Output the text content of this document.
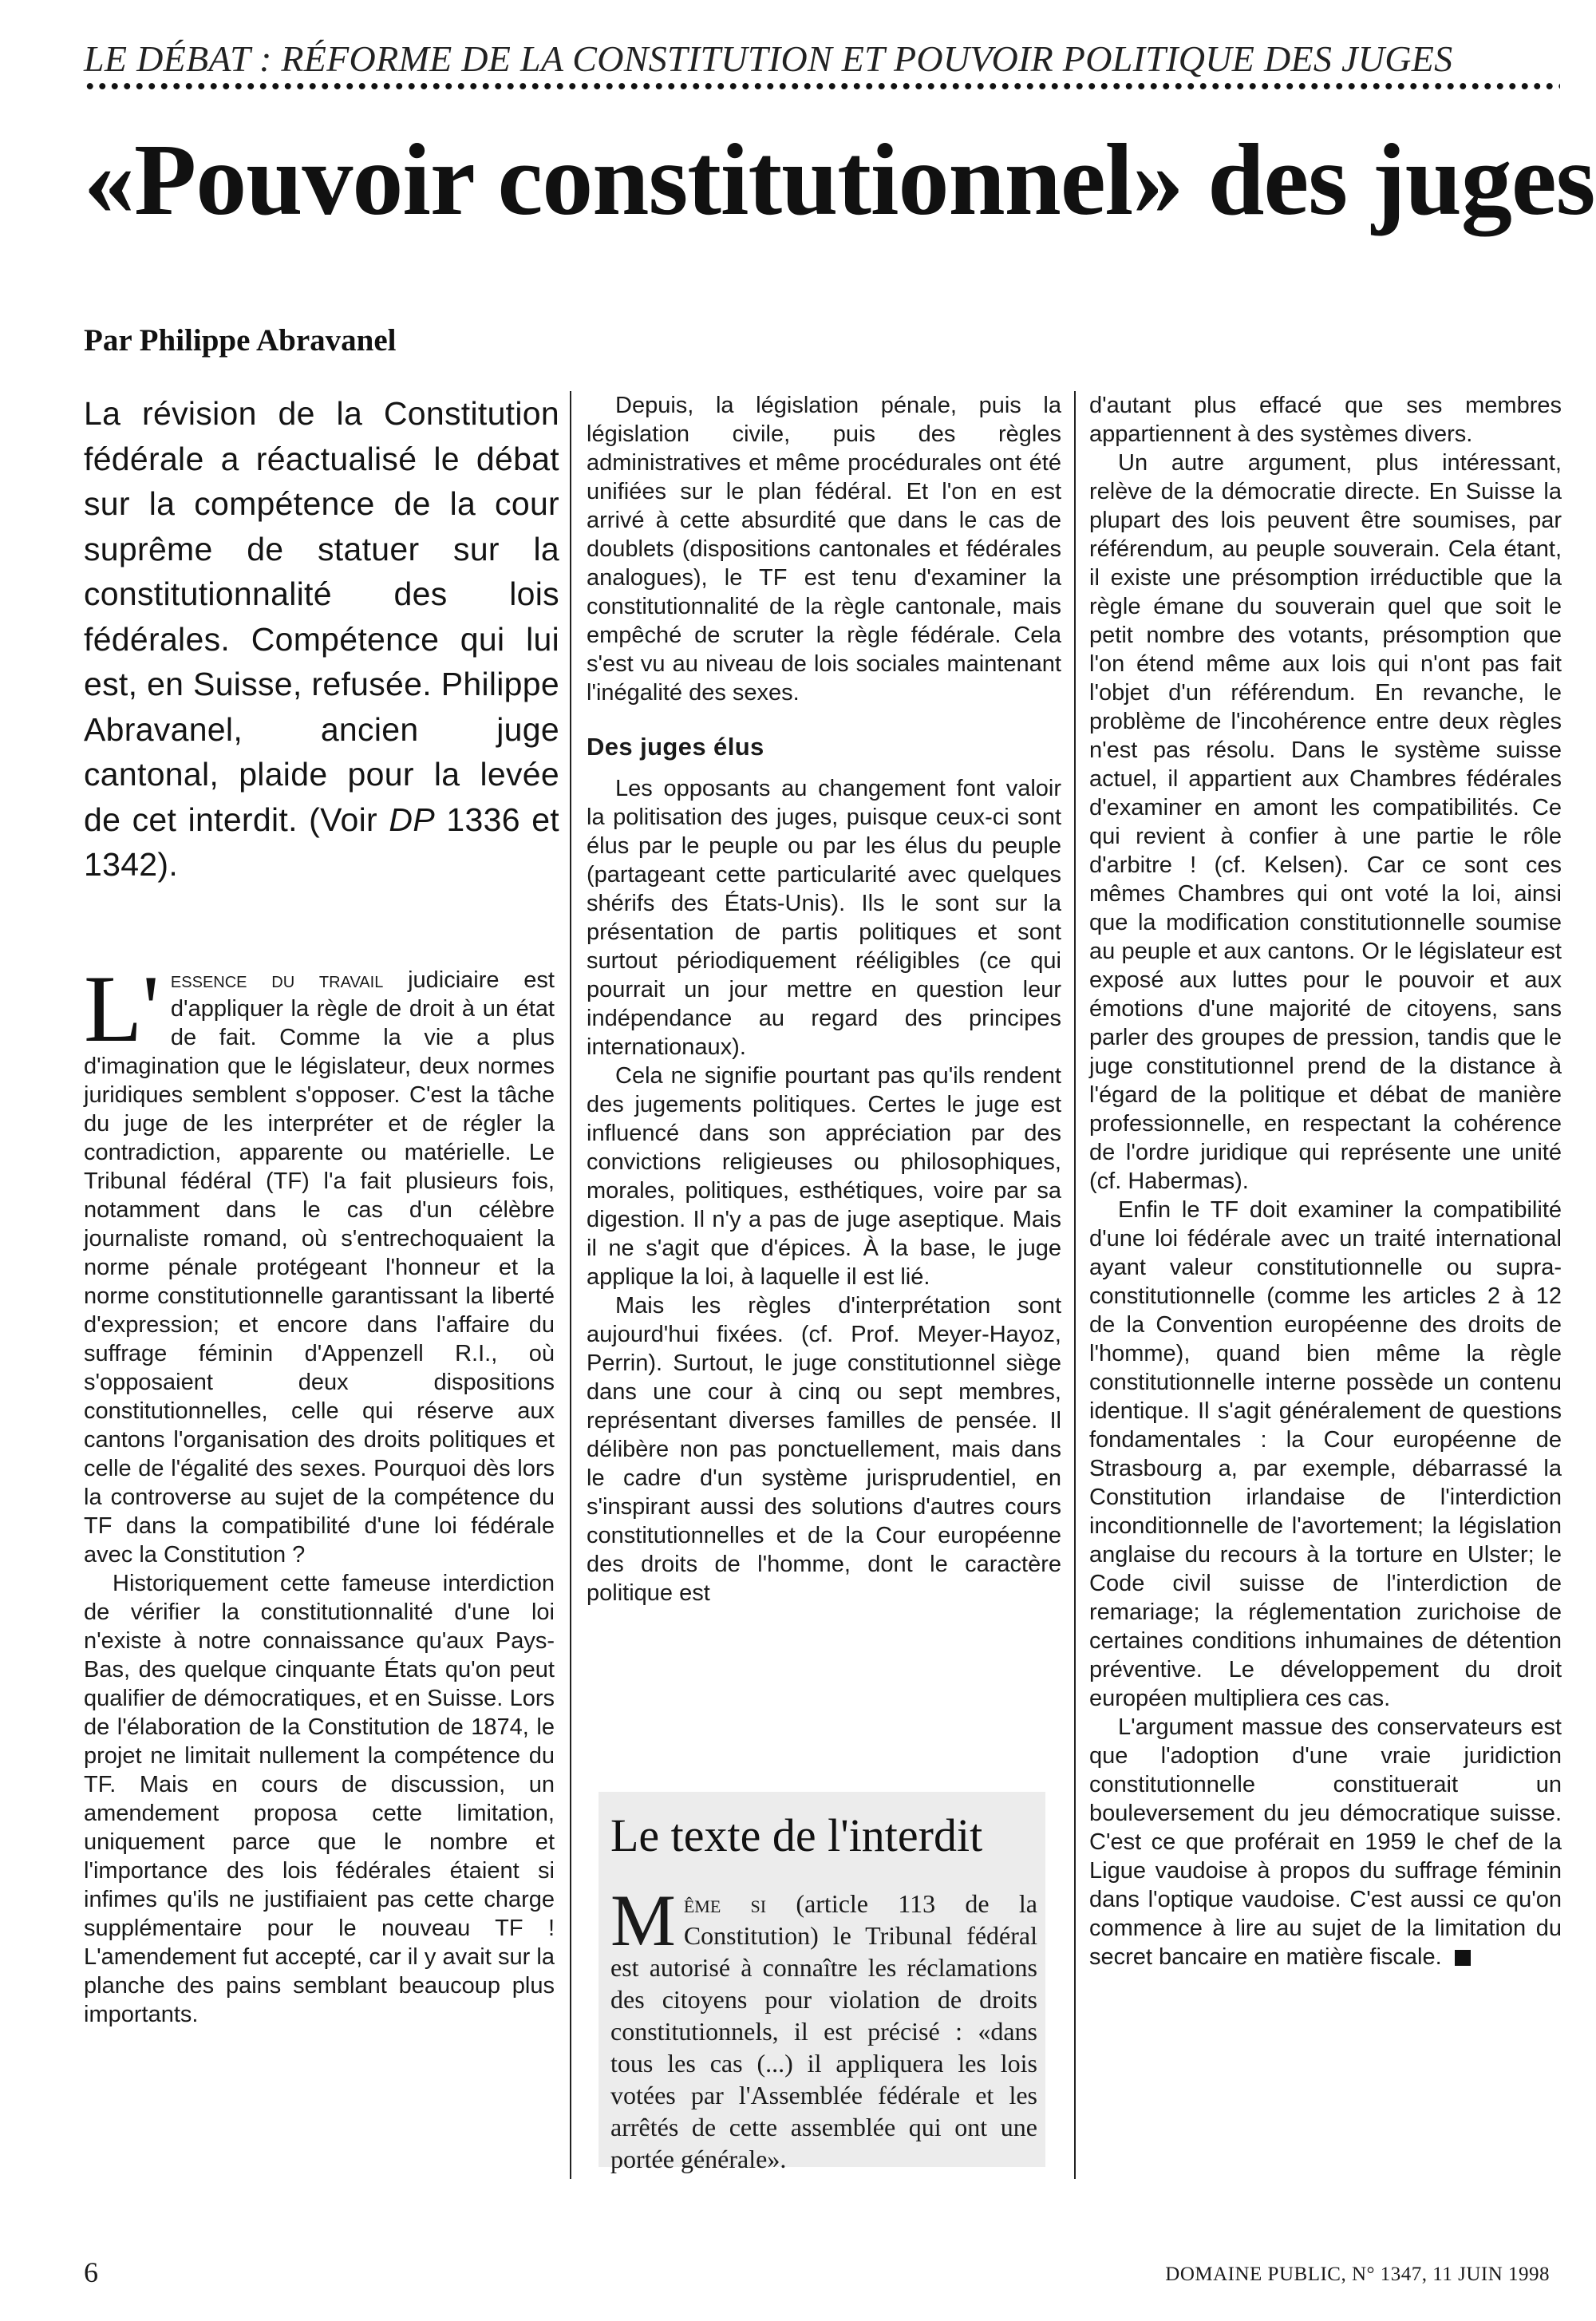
LE DÉBAT : RÉFORME DE LA CONSTITUTION ET POUVOIR POLITIQUE DES JUGES
«Pouvoir constitutionnel» des juges
Par Philippe Abravanel
La révision de la Constitution fédérale a réactualisé le débat sur la compétence de la cour suprême de statuer sur la constitutionnalité des lois fédérales. Compétence qui lui est, en Suisse, refusée. Philippe Abravanel, ancien juge cantonal, plaide pour la levée de cet interdit. (Voir DP 1336 et 1342).

L' essence du travail judiciaire est d'appliquer la règle de droit à un état de fait. Comme la vie a plus d'imagination que le législateur, deux normes juridiques semblent s'opposer. C'est la tâche du juge de les interpréter et de régler la contradiction, apparente ou matérielle. Le Tribunal fédéral (TF) l'a fait plusieurs fois, notamment dans le cas d'un célèbre journaliste romand, où s'entrechoquaient la norme pénale protégeant l'honneur et la norme constitutionnelle garantissant la liberté d'expression; et encore dans l'affaire du suffrage féminin d'Appenzell R.I., où s'opposaient deux dispositions constitutionnelles, celle qui réserve aux cantons l'organisation des droits politiques et celle de l'égalité des sexes. Pourquoi dès lors la controverse au sujet de la compétence du TF dans la compatibilité d'une loi fédérale avec la Constitution ?

Historiquement cette fameuse interdiction de vérifier la constitutionnalité d'une loi n'existe à notre connaissance qu'aux Pays-Bas, des quelque cinquante États qu'on peut qualifier de démocratiques, et en Suisse. Lors de l'élaboration de la Constitution de 1874, le projet ne limitait nullement la compétence du TF. Mais en cours de discussion, un amendement proposa cette limitation, uniquement parce que le nombre et l'importance des lois fédérales étaient si infimes qu'ils ne justifiaient pas cette charge supplémentaire pour le nouveau TF ! L'amendement fut accepté, car il y avait sur la planche des pains semblant beaucoup plus importants.

Depuis, la législation pénale, puis la législation civile, puis des règles administratives et même procédurales ont été unifiées sur le plan fédéral. Et l'on en est arrivé à cette absurdité que dans le cas de doublets (dispositions cantonales et fédérales analogues), le TF est tenu d'examiner la constitutionnalité de la règle cantonale, mais empêché de scruter la règle fédérale. Cela s'est vu au niveau de lois sociales maintenant l'inégalité des sexes.

Des juges élus

Les opposants au changement font valoir la politisation des juges, puisque ceux-ci sont élus par le peuple ou par les élus du peuple (partageant cette particularité avec quelques shérifs des États-Unis). Ils le sont sur la présentation de partis politiques et sont surtout périodiquement rééligibles (ce qui pourrait un jour mettre en question leur indépendance au regard des principes internationaux).

Cela ne signifie pourtant pas qu'ils rendent des jugements politiques. Certes le juge est influencé dans son appréciation par des convictions religieuses ou philosophiques, morales, politiques, esthétiques, voire par sa digestion. Il n'y a pas de juge aseptique. Mais il ne s'agit que d'épices. À la base, le juge applique la loi, à laquelle il est lié.

Mais les règles d'interprétation sont aujourd'hui fixées. (cf. Prof. Meyer-Hayoz, Perrin). Surtout, le juge constitutionnel siège dans une cour à cinq ou sept membres, représentant diverses familles de pensée. Il délibère non pas ponctuellement, mais dans le cadre d'un système jurisprudentiel, en s'inspirant aussi des solutions d'autres cours constitutionnelles et de la Cour européenne des droits de l'homme, dont le caractère politique est

Le texte de l'interdit
Même si (article 113 de la Constitution) le Tribunal fédéral est autorisé à connaître les réclamations des citoyens pour violation de droits constitutionnels, il est précisé : «dans tous les cas (...) il appliquera les lois votées par l'Assemblée fédérale et les arrêtés de cette assemblée qui ont une portée générale».

d'autant plus effacé que ses membres appartiennent à des systèmes divers.

Un autre argument, plus intéressant, relève de la démocratie directe. En Suisse la plupart des lois peuvent être soumises, par référendum, au peuple souverain. Cela étant, il existe une présomption irréductible que la règle émane du souverain quel que soit le petit nombre des votants, présomption que l'on étend même aux lois qui n'ont pas fait l'objet d'un référendum. En revanche, le problème de l'incohérence entre deux règles n'est pas résolu. Dans le système suisse actuel, il appartient aux Chambres fédérales d'examiner en amont les compatibilités. Ce qui revient à confier à une partie le rôle d'arbitre ! (cf. Kelsen). Car ce sont ces mêmes Chambres qui ont voté la loi, ainsi que la modification constitutionnelle soumise au peuple et aux cantons. Or le législateur est exposé aux luttes pour le pouvoir et aux émotions d'une majorité de citoyens, sans parler des groupes de pression, tandis que le juge constitutionnel prend de la distance à l'égard de la politique et débat de manière professionnelle, en respectant la cohérence de l'ordre juridique qui représente une unité (cf. Habermas).

Enfin le TF doit examiner la compatibilité d'une loi fédérale avec un traité international ayant valeur constitutionnelle ou supra-constitutionnelle (comme les articles 2 à 12 de la Convention européenne des droits de l'homme), quand bien même la règle constitutionnelle interne possède un contenu identique. Il s'agit généralement de questions fondamentales : la Cour européenne de Strasbourg a, par exemple, débarrassé la Constitution irlandaise de l'interdiction inconditionnelle de l'avortement; la législation anglaise du recours à la torture en Ulster; le Code civil suisse de l'interdiction de remariage; la réglementation zurichoise de certaines conditions inhumaines de détention préventive. Le développement du droit européen multipliera ces cas.

L'argument massue des conservateurs est que l'adoption d'une vraie juridiction constitutionnelle constituerait un bouleversement du jeu démocratique suisse. C'est ce que proférait en 1959 le chef de la Ligue vaudoise à propos du suffrage féminin dans l'optique vaudoise. C'est aussi ce qu'on commence à lire au sujet de la limitation du secret bancaire en matière fiscale.

6	DOMAINE PUBLIC, N° 1347, 11 JUIN 1998
